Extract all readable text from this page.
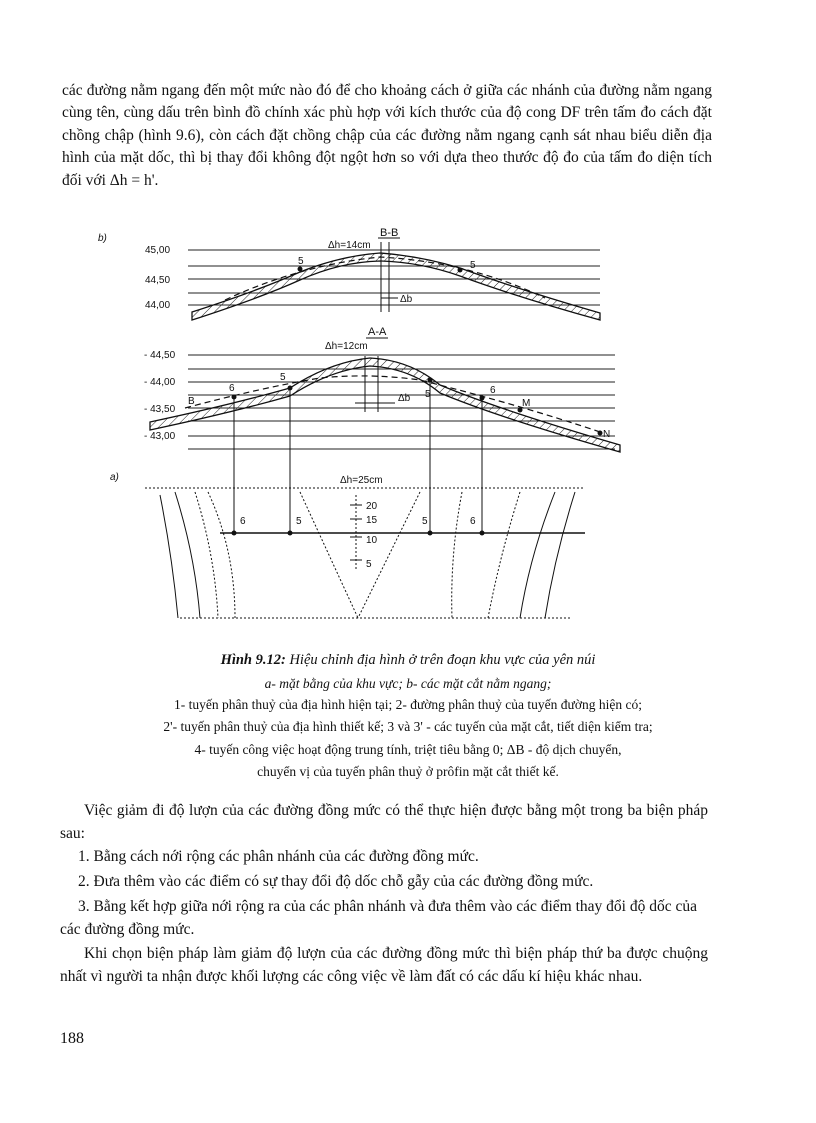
các đường nằm ngang đến một mức nào đó để cho khoảng cách ở giữa các nhánh của đường nằm ngang cùng tên, cùng dấu trên bình đồ chính xác phù hợp với kích thước của độ cong DF trên tấm đo cách đặt chồng chập (hình 9.6), còn cách đặt chồng chập của các đường nằm ngang cạnh sát nhau biểu diễn địa hình của mặt dốc, thì bị thay đổi không đột ngột hơn so với dựa theo thước độ đo của tấm đo diện tích đối với Δh = h'.

b)	B-B
Δh=14cm
45,00
44,50
44,00
5	5
Δb
A-A
Δh=12cm
- 44,50
- 44,00
- 43,50
- 43,00
6
5
5	6
B	M
N
Δb
a)	Δh=25cm
20
15
10
5
6	5	5	6
Hình 9.12: Hiệu chỉnh địa hình ở trên đoạn khu vực của yên núi
a- mặt bằng của khu vực; b- các mặt cắt nằm ngang;
1- tuyến phân thuỷ của địa hình hiện tại; 2- đường phân thuỷ của tuyến đường hiện có;
2'- tuyến phân thuỷ của địa hình thiết kế; 3 và 3' - các tuyến của mặt cắt, tiết diện kiểm tra;
4- tuyến công việc hoạt động trung tính, triệt tiêu bằng 0; ΔB - độ dịch chuyển,
chuyển vị của tuyến phân thuỷ ở prôfin mặt cắt thiết kế.

Việc giảm đi độ lượn của các đường đồng mức có thể thực hiện được bằng một trong ba biện pháp sau:

1. Bằng cách nới rộng các phân nhánh của các đường đồng mức.
2. Đưa thêm vào các điểm có sự thay đổi độ dốc chỗ gẫy của các đường đồng mức.
3. Bằng kết hợp giữa nới rộng ra của các phân nhánh và đưa thêm vào các điểm thay đổi độ dốc của các đường đồng mức.

Khi chọn biện pháp làm giảm độ lượn của các đường đồng mức thì biện pháp thứ ba được chuộng nhất vì người ta nhận được khối lượng các công việc về làm đất có các dấu kí hiệu khác nhau.

188
